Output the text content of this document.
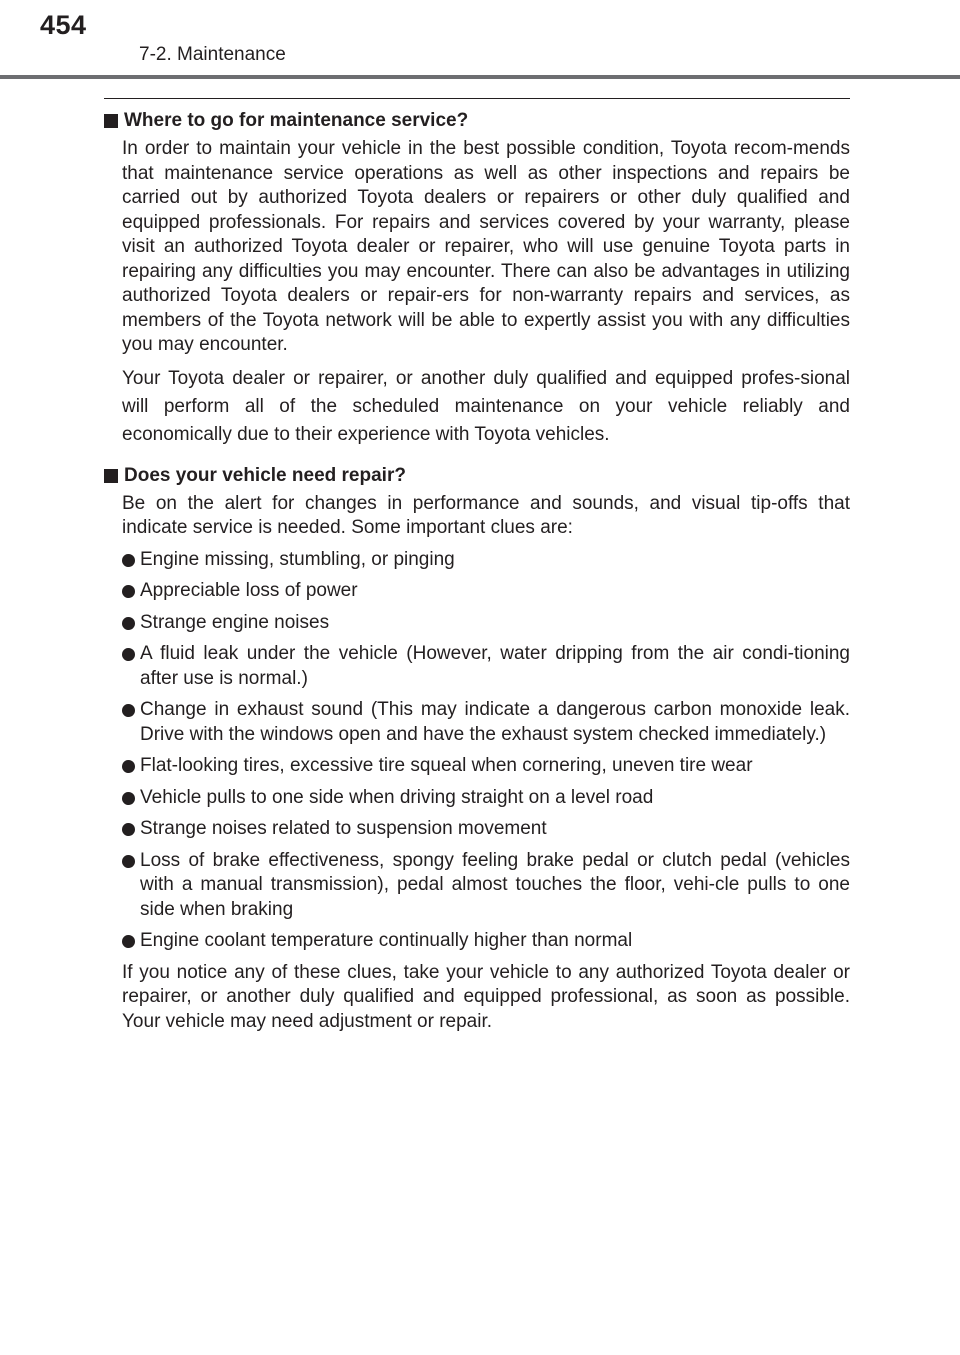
454
7-2. Maintenance
Where to go for maintenance service?

In order to maintain your vehicle in the best possible condition, Toyota recom-mends that maintenance service operations as well as other inspections and repairs be carried out by authorized Toyota dealers or repairers or other duly qualified and equipped professionals. For repairs and services covered by your warranty, please visit an authorized Toyota dealer or repairer, who will use genuine Toyota parts in repairing any difficulties you may encounter. There can also be advantages in utilizing authorized Toyota dealers or repair-ers for non-warranty repairs and services, as members of the Toyota network will be able to expertly assist you with any difficulties you may encounter.

Your Toyota dealer or repairer, or another duly qualified and equipped profes-sional will perform all of the scheduled maintenance on your vehicle reliably and economically due to their experience with Toyota vehicles.

Does your vehicle need repair?

Be on the alert for changes in performance and sounds, and visual tip-offs that indicate service is needed. Some important clues are:

Engine missing, stumbling, or pinging
Appreciable loss of power
Strange engine noises
A fluid leak under the vehicle (However, water dripping from the air condi-tioning after use is normal.)
Change in exhaust sound (This may indicate a dangerous carbon monoxide leak. Drive with the windows open and have the exhaust system checked immediately.)
Flat-looking tires, excessive tire squeal when cornering, uneven tire wear
Vehicle pulls to one side when driving straight on a level road
Strange noises related to suspension movement
Loss of brake effectiveness, spongy feeling brake pedal or clutch pedal (vehicles with a manual transmission), pedal almost touches the floor, vehi-cle pulls to one side when braking
Engine coolant temperature continually higher than normal

If you notice any of these clues, take your vehicle to any authorized Toyota dealer or repairer, or another duly qualified and equipped professional, as soon as possible. Your vehicle may need adjustment or repair.
